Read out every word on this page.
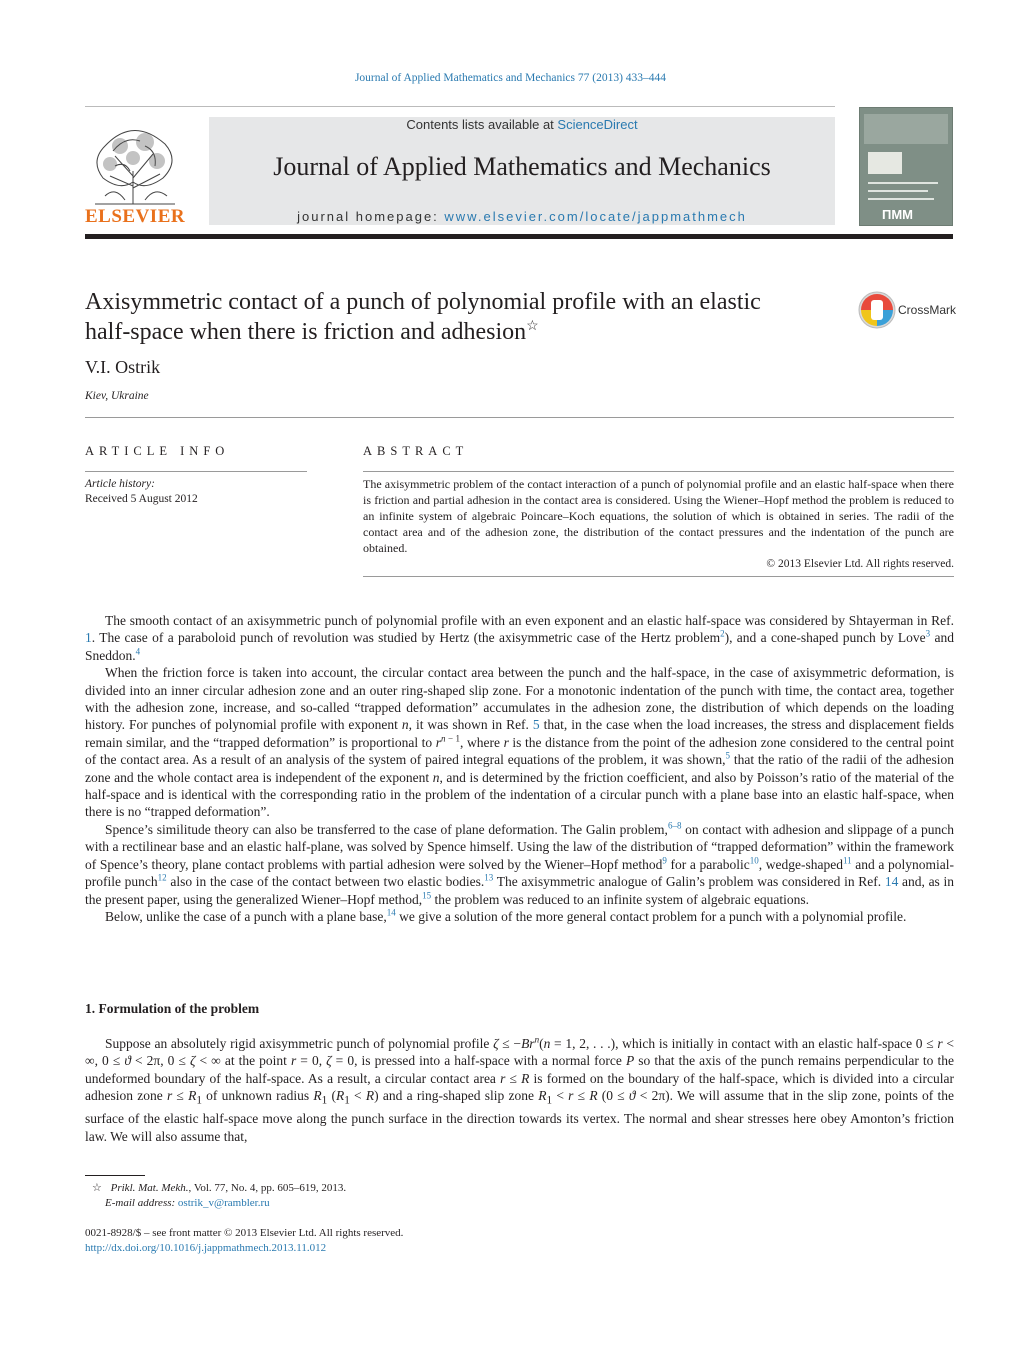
Journal of Applied Mathematics and Mechanics 77 (2013) 433–444
ELSEVIER
Contents lists available at ScienceDirect
Journal of Applied Mathematics and Mechanics
journal homepage: www.elsevier.com/locate/jappmathmech	ПММ
Axisymmetric contact of a punch of polynomial profile with an elastic
half-space when there is friction and adhesion☆
CrossMark
V.I. Ostrik
Kiev, Ukraine
ARTICLE INFO
Article history:
Received 5 August 2012
ABSTRACT
The axisymmetric problem of the contact interaction of a punch of polynomial profile and an elastic half-space when there is friction and partial adhesion in the contact area is considered. Using the Wiener–Hopf method the problem is reduced to an infinite system of algebraic Poincare–Koch equations, the solution of which is obtained in series. The radii of the contact area and of the adhesion zone, the distribution of the contact pressures and the indentation of the punch are obtained.
© 2013 Elsevier Ltd. All rights reserved.

The smooth contact of an axisymmetric punch of polynomial profile with an even exponent and an elastic half-space was considered by Shtayerman in Ref. 1. The case of a paraboloid punch of revolution was studied by Hertz (the axisymmetric case of the Hertz problem$^2$), and a cone-shaped punch by Love$^3$ and Sneddon.$^4$

When the friction force is taken into account, the circular contact area between the punch and the half-space, in the case of axisymmetric deformation, is divided into an inner circular adhesion zone and an outer ring-shaped slip zone. For a monotonic indentation of the punch with time, the contact area, together with the adhesion zone, increase, and so-called “trapped deformation” accumulates in the adhesion zone, the distribution of which depends on the loading history. For punches of polynomial profile with exponent n, it was shown in Ref. 5 that, in the case when the load increases, the stress and displacement fields remain similar, and the “trapped deformation” is proportional to $r^{n - 1}$, where r is the distance from the point of the adhesion zone considered to the central point of the contact area. As a result of an analysis of the system of paired integral equations of the problem, it was shown,$^5$ that the ratio of the radii of the adhesion zone and the whole contact area is independent of the exponent n, and is determined by the friction coefficient, and also by Poisson’s ratio of the material of the half-space and is identical with the corresponding ratio in the problem of the indentation of a circular punch with a plane base into an elastic half-space, when there is no “trapped deformation”.

Spence’s similitude theory can also be transferred to the case of plane deformation. The Galin problem,$^{6-8}$ on contact with adhesion and slippage of a punch with a rectilinear base and an elastic half-plane, was solved by Spence himself. Using the law of the distribution of “trapped deformation” within the framework of Spence’s theory, plane contact problems with partial adhesion were solved by the Wiener–Hopf method$^9$ for a parabolic$^{10}$, wedge-shaped$^{11}$ and a polynomial-profile punch$^{12}$ also in the case of the contact between two elastic bodies.$^{13}$ The axisymmetric analogue of Galin’s problem was considered in Ref. 14 and, as in the present paper, using the generalized Wiener–Hopf method,$^{15}$ the problem was reduced to an infinite system of algebraic equations.

Below, unlike the case of a punch with a plane base,$^{14}$ we give a solution of the more general contact problem for a punch with a polynomial profile.

1. Formulation of the problem

Suppose an absolutely rigid axisymmetric punch of polynomial profile $\zeta \le -Br^n(n = 1$, 2, . . .), which is initially in contact with an elastic half-space 0 ≤ r < ∞, 0 ≤ ϑ < 2π, 0 ≤ ζ < ∞ at the point r = 0, ζ = 0, is pressed into a half-space with a normal force P so that the axis of the punch remains perpendicular to the undeformed boundary of the half-space. As a result, a circular contact area r ≤ R is formed on the boundary of the half-space, which is divided into a circular adhesion zone $r \le R_1$ of unknown radius $R_1$ $(R_1 < R)$ and a ring-shaped slip zone $R_1 < r \le R$ (0 ≤ ϑ < 2π). We will assume that in the slip zone, points of the surface of the elastic half-space move along the punch surface in the direction towards its vertex. The normal and shear stresses here obey Amonton’s friction law. We will also assume that,

☆ Prikl. Mat. Mekh., Vol. 77, No. 4, pp. 605–619, 2013.
E-mail address: ostrik_v@rambler.ru
0021-8928/$ – see front matter © 2013 Elsevier Ltd. All rights reserved.
http://dx.doi.org/10.1016/j.jappmathmech.2013.11.012
